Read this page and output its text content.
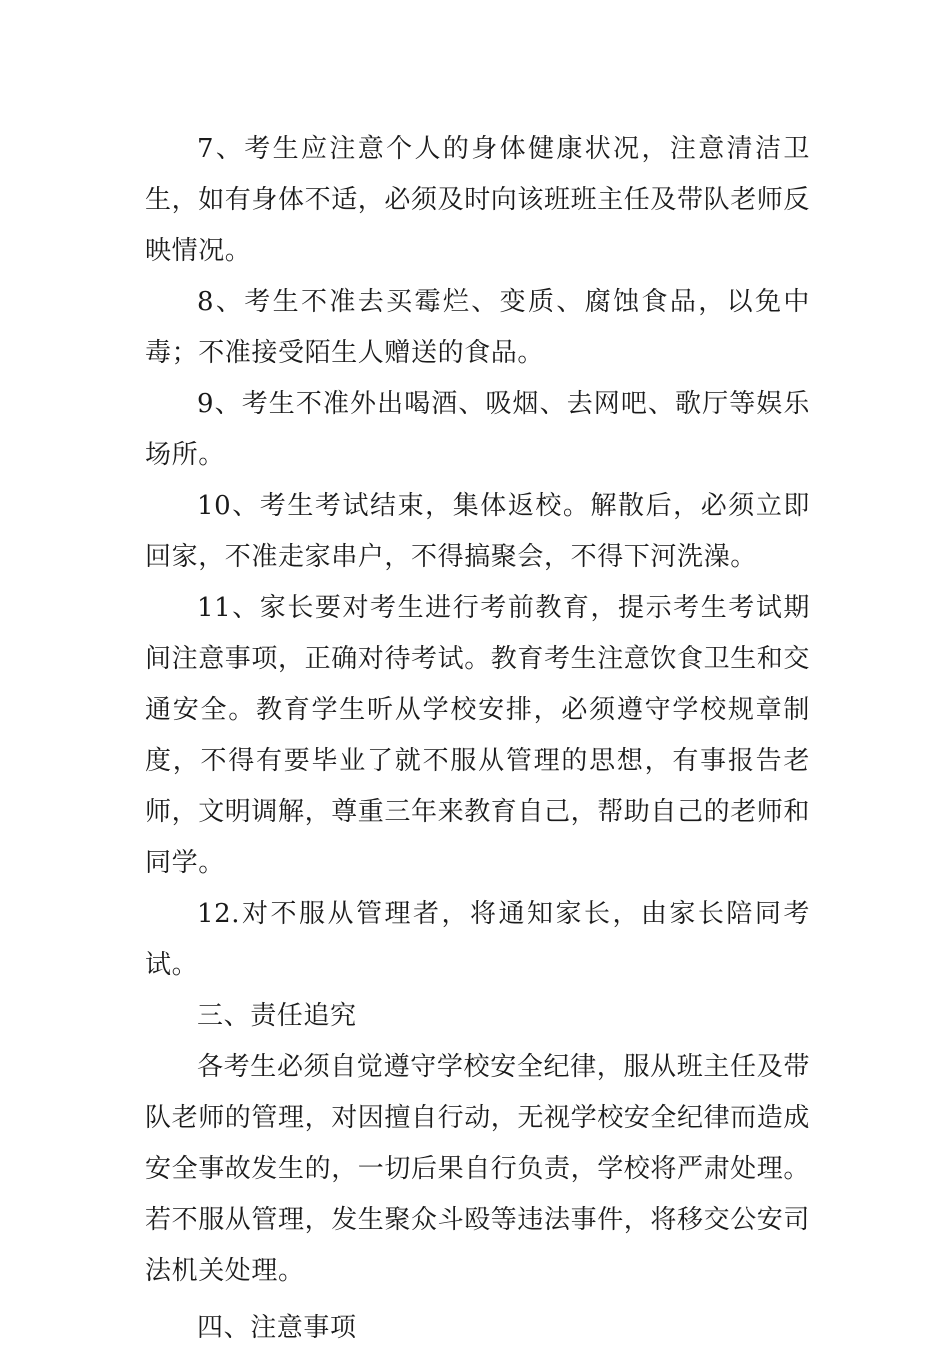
7、考生应注意个人的身体健康状况，注意清洁卫生，如有身体不适，必须及时向该班班主任及带队老师反映情况。

8、考生不准去买霉烂、变质、腐蚀食品，以免中毒；不准接受陌生人赠送的食品。

9、考生不准外出喝酒、吸烟、去网吧、歌厅等娱乐场所。

10、考生考试结束，集体返校。解散后，必须立即回家，不准走家串户，不得搞聚会，不得下河洗澡。

11、家长要对考生进行考前教育，提示考生考试期间注意事项，正确对待考试。教育考生注意饮食卫生和交通安全。教育学生听从学校安排，必须遵守学校规章制度，不得有要毕业了就不服从管理的思想，有事报告老师，文明调解，尊重三年来教育自己，帮助自己的老师和同学。

12.对不服从管理者，将通知家长，由家长陪同考试。

三、责任追究

各考生必须自觉遵守学校安全纪律，服从班主任及带队老师的管理，对因擅自行动，无视学校安全纪律而造成安全事故发生的，一切后果自行负责，学校将严肃处理。若不服从管理，发生聚众斗殴等违法事件，将移交公安司法机关处理。

四、注意事项
